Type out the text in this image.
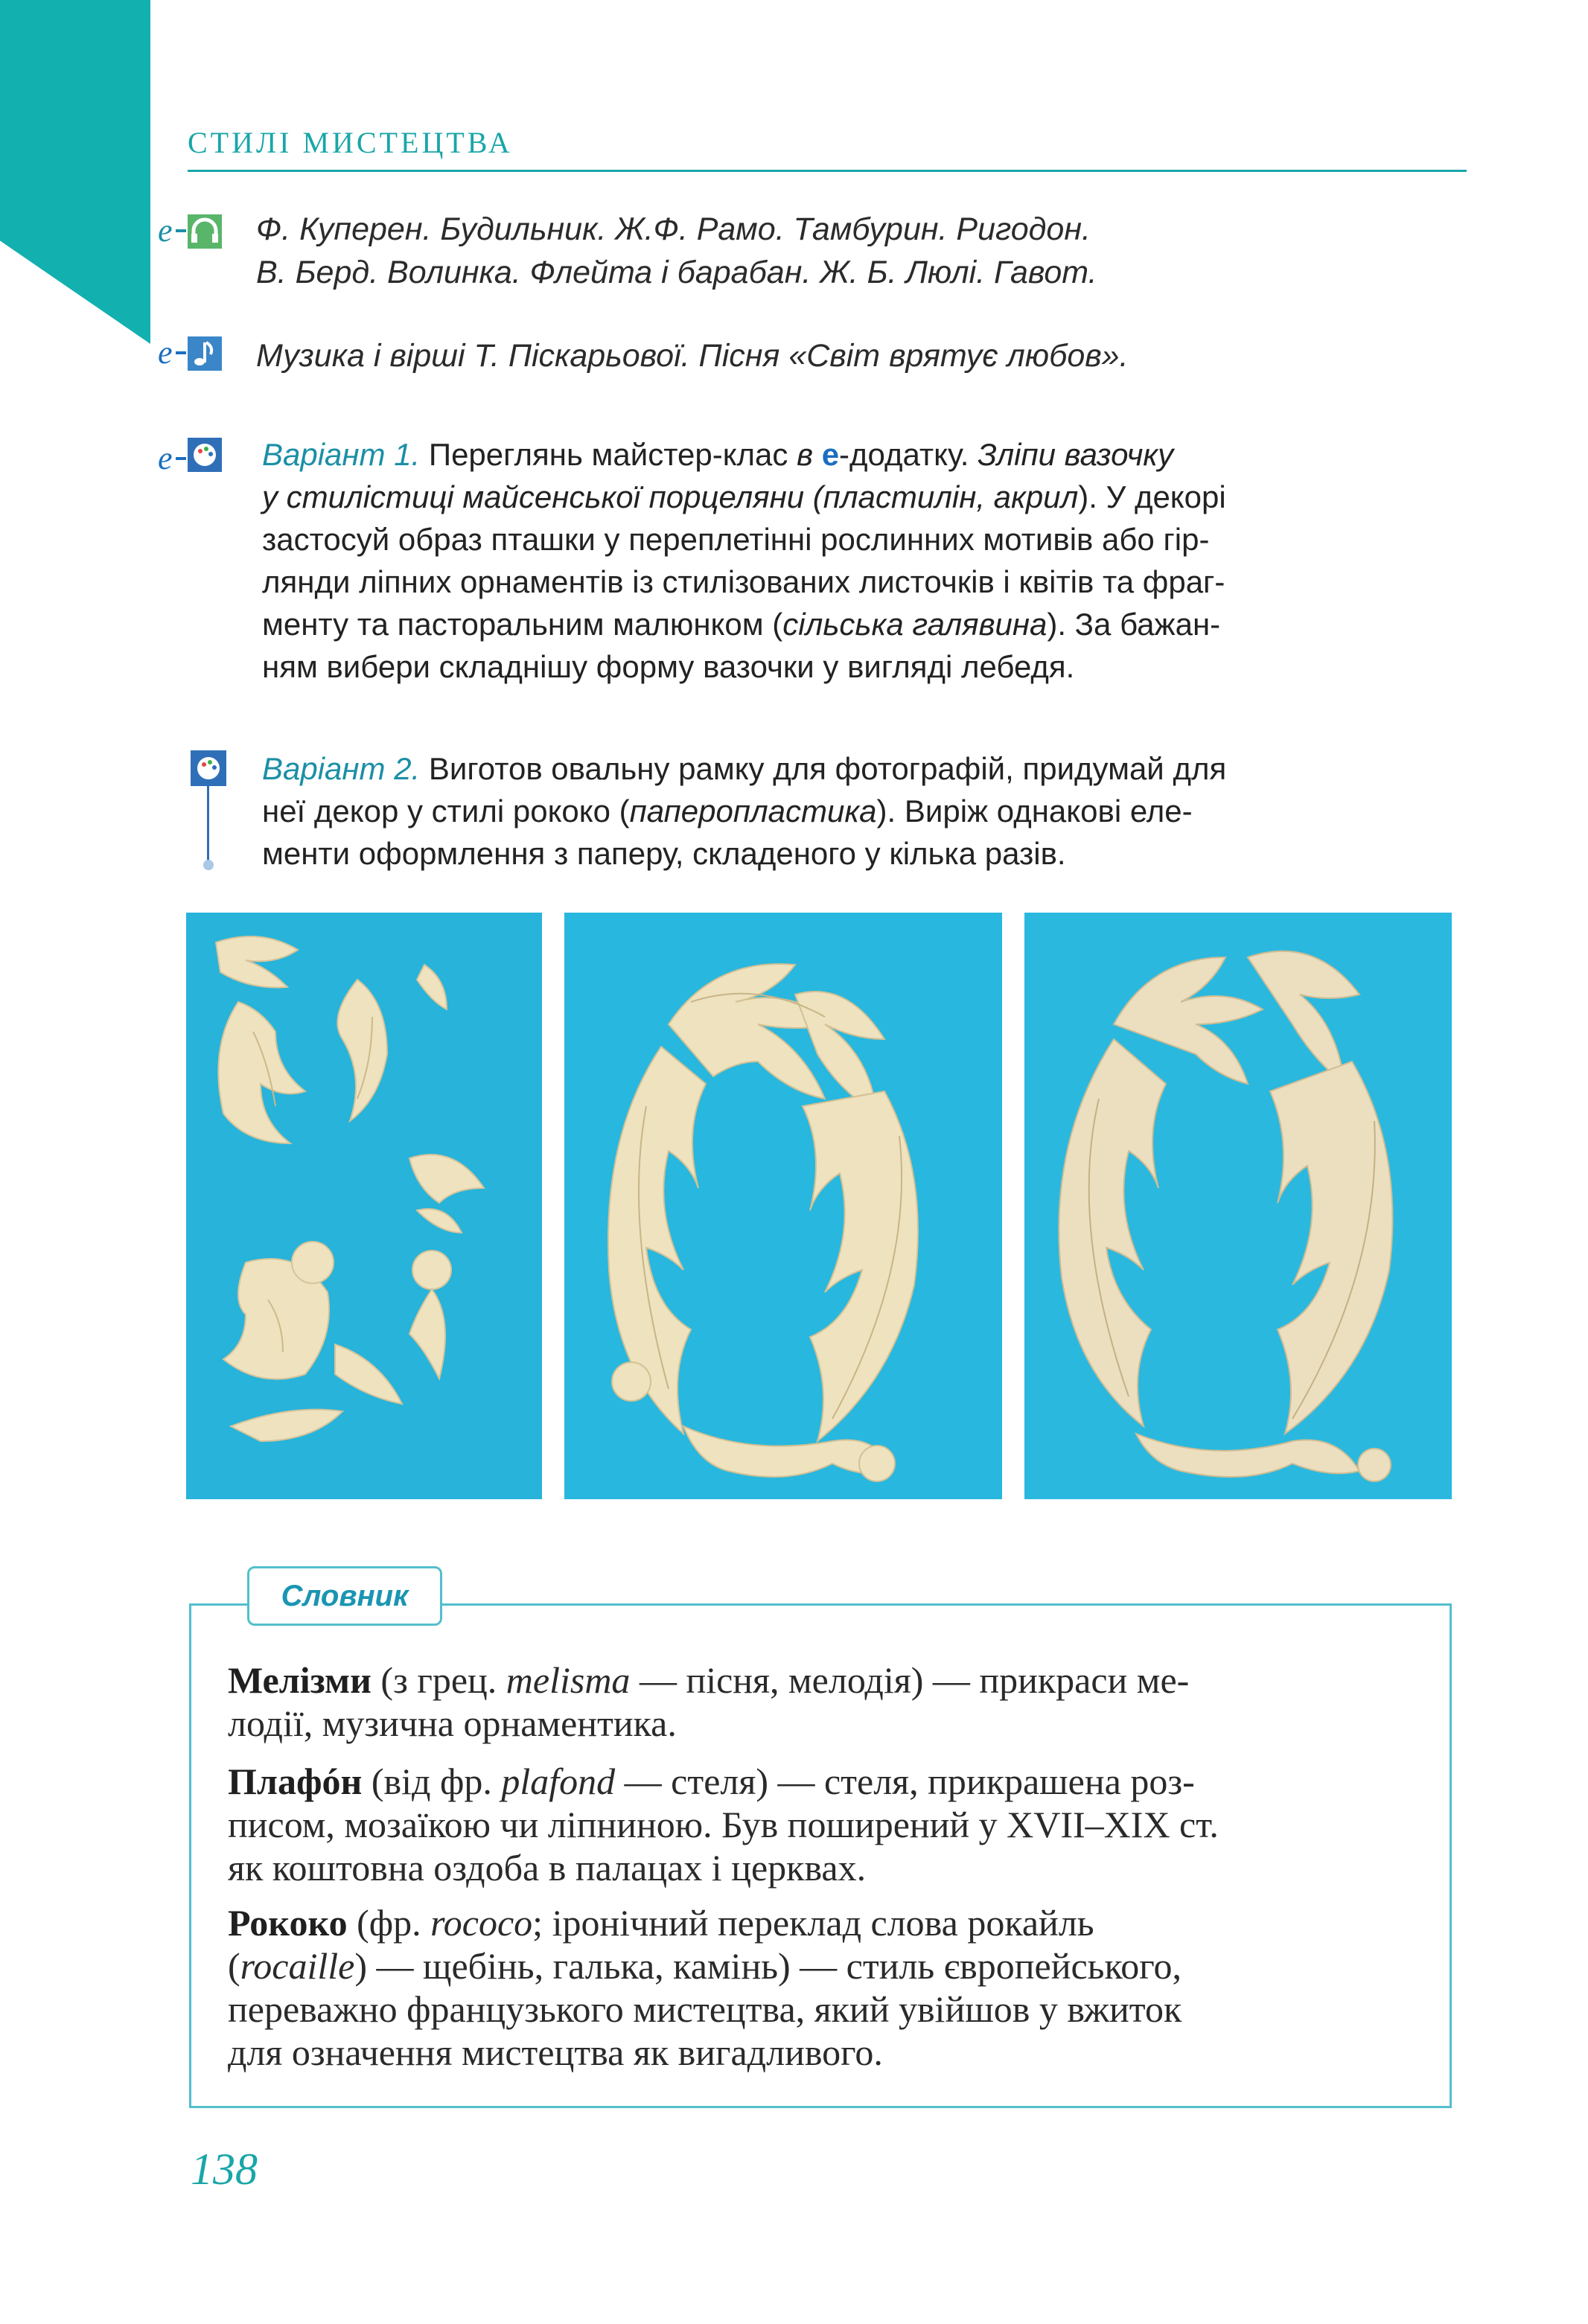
СТИЛІ МИСТЕЦТВА
e	Ф. Куперен. Будильник. Ж.Ф. Рамо. Тамбурин. Ригодон.
В. Берд. Волинка. Флейта і барабан. Ж. Б. Люлі. Гавот.
e	Музика і вірші Т. Піскарьової. Пісня «Світ врятує любов».
e	Варіант 1. Переглянь майстер-клас в е-додатку. Зліпи вазочку
у стилістиці майсенської порцеляни (пластилін, акрил). У декорі
застосуй образ пташки у переплетінні рослинних мотивів або гір-
лянди ліпних орнаментів із стилізованих листочків і квітів та фраг-
менту та пасторальним малюнком (сільська галявина). За бажан-
ням вибери складнішу форму вазочки у вигляді лебедя.
Варіант 2. Виготов овальну рамку для фотографій, придумай для
неї декор у стилі рококо (паперопластика). Виріж однакові еле-
менти оформлення з паперу, складеного у кілька разів.
Словник
Мелізми (з грец. melisma — пісня, мелодія) — прикраси ме-
лодії, музична орнаментика.
Плафóн (від фр. plafond — стеля) — стеля, прикрашена роз-
писом, мозаїкою чи ліпниною. Був поширений у XVII–XIX ст.
як коштовна оздоба в палацах і церквах.
Рококо (фр. rococo; іронічний переклад слова рокайль
(rocaille) — щебінь, галька, камінь) — стиль європейського,
переважно французького мистецтва, який увійшов у вжиток
для означення мистецтва як вигадливого.
138
